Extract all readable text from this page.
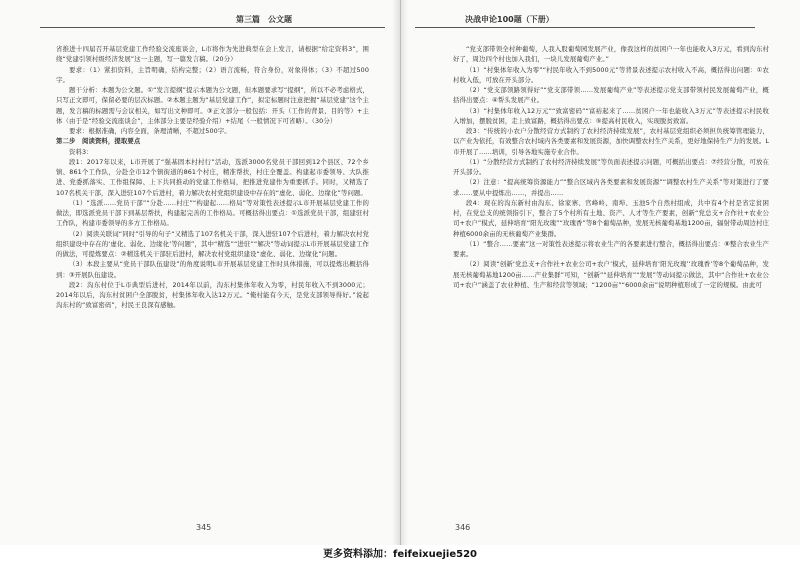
第三篇　公文题

省推进十四届召开基层党建工作经验交流座谈会，L市将作为先进典型在会上发言，请根据“给定资料3”，围绕“党建引领村级经济发展”这一主题，写一篇发言稿。（20分）

要求：（1）紧扣资料，主旨明确，结构完整；（2）语言流畅，符合身份，对象得体；（3）不超过500字。

题干分析：本题为公文题。①“发言提纲”提示本题为公文题，但本题要求写“提纲”，所以不必考虑格式，只写正文即可，保留必要的层次标题。②本题主题为“基层党建工作”，拟定标题时注意把握“基层党建”这个主题，发言稿的标题需与会议相关，如写出文种即可。③正文部分一般包括：开头（工作的背景、目的等）+主体（由于是“经验交流座谈会”，主体部分主要是经验介绍）+结尾（一般情况下可省略）。（30分）

要求：根据准确，内容全面，条理清晰，不超过500字。

第二步　阅读资料，提取要点

资料3：

段1：2017年以来，L市开展了“强基固本村村行”活动，选派3000名党员干部回到12个县区、72个乡镇、861个工作队，分赴全市12个镇街道的861个村庄，精准帮扶，村庄全覆盖。构建起市委领导、大队推进、党委抓落实、工作组保障、上下共同推动的党建工作格局，把推进党建作为重要抓手。同时，又精选了107名机关干部，深入进驻107个后进村，着力解决农村党组织建设中存在的“虚化、弱化、边缘化”等问题。

（1）“选派……党员干部”“分赴……村庄”“构建起……格局”等对策性表述提示L市开展基层党建工作的做法，即选派党员干部下到基层帮扶，构建起完善的工作格局。可概括得出要点：①选派党员干部，组建驻村工作队，构建市委领导的多方工作格局。

（2）阅读关联词“同时”引导的句子“又精选了107名机关干部，深入进驻107个后进村，着力解决农村党组织建设中存在的‘虚化、弱化、边缘化’等问题”，其中“精选”“进驻”“解决”等动词提示L市开展基层党建工作的做法，可提炼要点：②精选机关干部驻后进村，解决农村党组织建设“虚化、弱化、边缘化”问题。

（3）本段主要从“党员干部队伍建设”的角度说明L市开展基层党建工作时具体措施，可以提炼出概括得到：③开展队伍建设。

段2：沟东村位于L市典型后进村，2014年以前，沟东村集体年收入为零，村民年收入不到3000元；2014年以后，沟东村贫困户全部脱贫，村集体年收入达12万元。“俺村能有今天，是党支部领导得好。”说起沟东村的“致富密码”，村民王良深有感触。

345
决战申论100题（下册）

“党支部带领全村种葡萄，人我入股葡萄园发展产业，像我这样的贫困户一年也能收入3万元，看到沟东村好了，周边四个村也加入我们，一块儿发展葡萄产业。”

（1）“村集体年收入为零”“村民年收入不到5000元”等背景表述提示农村收入不高，概括得出问题：①农村收入低，可放在开头部分。

（2）“党支部领路领得好”“党支部带领……发展葡萄产业”等表述提示党支部带领村民发展葡萄产业，概括得出要点：④帮头发展产业。

（3）“村集体年收入12万元”“致富密码”“富裕起来了……贫困户一年也能收入3万元”等表述提示村民收入增加，摆脱贫困，走上致富路，概括得出要点：⑤提高村民收入，实现脱贫致富。

段3：“传统的小农户分散经营方式制约了农村经济持续发展”，农村基层党组织必须担负统筹管理能力，以产业为依托，有效整合农村域内各类要素和发展资源，加快调整农村生产关系，更好地保持生产力的发展。L市开展了……培训，引导各地实施专业合作。

（1）“分散经营方式制约了农村经济持续发展”等负面表述提示问题，可概括出要点：⑦经营分散，可放在开头部分。

（2）注意：“提高统筹资源能力”“整合区域内各类要素和发展资源”“调整农村生产关系”等对策进行了要求……要从中提炼出……，并提出……

段4：现在的沟东新村由沟东、徐家寨、官峰岭、南埠、玉池5个自然村组成，共中有4个村是省定贫困村，在党总支的统领指引下，整合了5个村所有土地、资产、人才等生产要素，创新“党总支+合作社+农业公司+农户”模式，延伸培育“阳光玫瑰”“玫瑰香”等8个葡萄品种，发展无核葡萄基地1200亩，辐射带动周边村庄种植6000余亩的无核葡萄产业集群。

（1）“整合……要素”这一对策性表述提示将农业生产的各要素进行整合，概括得出要点：⑧整合农业生产要素。

（2）阅读“创新‘党总支+合作社+农业公司+农户’模式，延伸培育‘阳光玫瑰’‘玫瑰香’等8个葡萄品种，发展无核葡萄基地1200亩……产业集群”可知，“创新”“延伸培育”“发展”等动词提示做法，其中“合作社+农业公司+农户”涵盖了农业种植、生产和经营等领域；“1200亩”“6000余亩”说明种植形成了一定的规模。由此可

346
更多资料添加：feifeixuejie520
